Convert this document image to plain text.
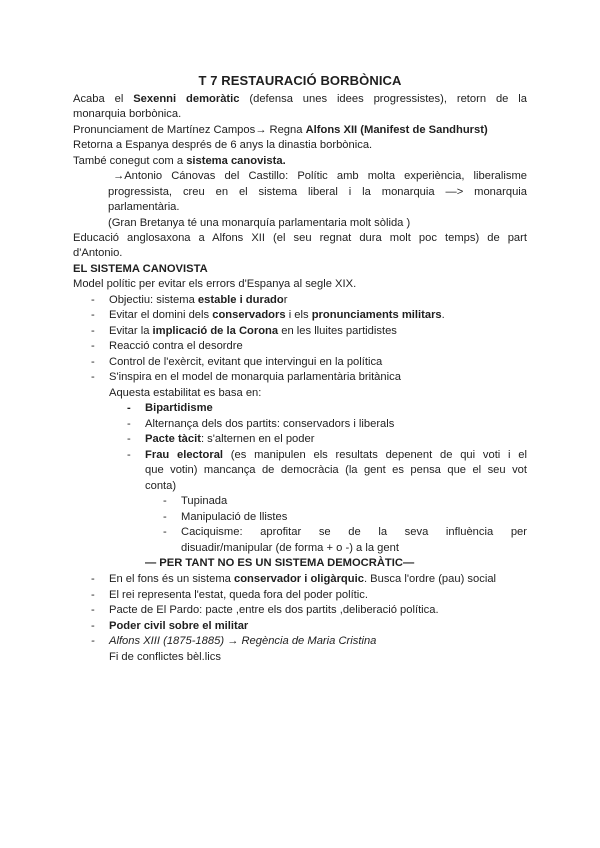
T 7 RESTAURACIÓ BORBÒNICA
Acaba el Sexenni demoràtic (defensa unes idees progressistes), retorn de la
monarquia borbònica.
Pronunciament de Martínez Campos→ Regna Alfons XII (Manifest de Sandhurst)
Retorna a Espanya després de 6 anys la dinastia borbònica.
També conegut com a sistema canovista.
→Antonio Cánovas del Castillo: Polític amb molta experiència, liberalisme
progressista, creu en el sistema liberal i la monarquia —> monarquia
parlamentària.
(Gran Bretanya té una monarquía parlamentaria molt sòlida )
Educació anglosaxona a Alfons XII (el seu regnat dura molt poc temps) de part
d'Antonio.
EL SISTEMA CANOVISTA
Model polític per evitar els errors d'Espanya al segle XIX.
- Objectiu: sistema estable i durador
- Evitar el domini dels conservadors i els pronunciaments militars.
- Evitar la implicació de la Corona en les lluites partidistes
- Reacció contra el desordre
- Control de l'exèrcit, evitant que intervingui en la política
- S'inspira en el model de monarquia parlamentària britànica
Aquesta estabilitat es basa en:
- Bipartidisme
- Alternança dels dos partits: conservadors i liberals
- Pacte tàcit: s'alternen en el poder
- Frau electoral (es manipulen els resultats depenent de qui voti i el
que votin) mancança de democràcia (la gent es pensa que el seu vot
conta)
- Tupinada
- Manipulació de llistes
- Caciquisme: aprofitar se de la seva influència per
disuadir/manipular (de forma + o -) a la gent
— PER TANT NO ES UN SISTEMA DEMOCRÀTIC—
- En el fons és un sistema conservador i oligàrquic. Busca l'ordre (pau) social
- El rei representa l'estat, queda fora del poder polític.
- Pacte de El Pardo: pacte ,entre els dos partits ,deliberació política.
- Poder civil sobre el militar
- Alfons XIII (1875-1885) → Regència de Maria Cristina
Fi de conflictes bèl.lics
